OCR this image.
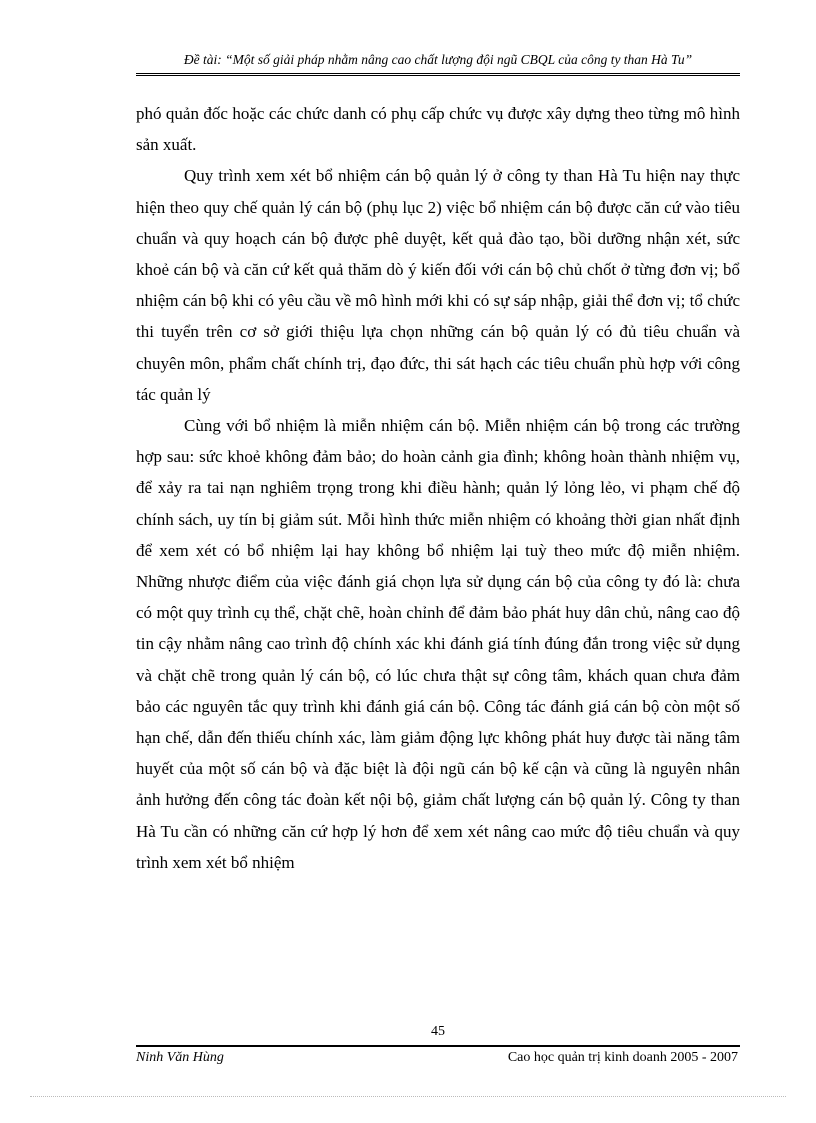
Đề tài: “Một số giải pháp nhằm nâng cao chất lượng đội ngũ CBQL của công ty than Hà Tu”

phó quản đốc hoặc các chức danh có phụ cấp chức vụ được xây dựng theo từng mô hình sản xuất.

Quy trình xem xét bổ nhiệm cán bộ quản lý ở công ty than Hà Tu hiện nay thực hiện theo quy chế quản lý cán bộ (phụ lục 2) việc bổ nhiệm cán bộ được căn cứ vào tiêu chuẩn và quy hoạch cán bộ được phê duyệt, kết quả đào tạo, bồi dưỡng nhận xét, sức khoẻ cán bộ và căn cứ kết quả thăm dò ý kiến đối với cán bộ chủ chốt ở từng đơn vị; bổ nhiệm cán bộ khi có yêu cầu về mô hình mới khi có sự sáp nhập, giải thể đơn vị; tổ chức thi tuyển trên cơ sở giới thiệu lựa chọn những cán bộ quản lý có đủ tiêu chuẩn và chuyên môn, phẩm chất chính trị, đạo đức, thi sát hạch các tiêu chuẩn phù hợp với công tác quản lý

Cùng với bổ nhiệm là miễn nhiệm cán bộ. Miễn nhiệm cán bộ trong các trường hợp sau: sức khoẻ không đảm bảo; do hoàn cảnh gia đình; không hoàn thành nhiệm vụ, để xảy ra tai nạn nghiêm trọng trong khi điều hành; quản lý lỏng lẻo, vi phạm chế độ chính sách, uy tín bị giảm sút. Mỗi hình thức miễn nhiệm có khoảng thời gian nhất định để xem xét có bổ nhiệm lại hay không bổ nhiệm lại tuỳ theo mức độ miễn nhiệm. Những nhược điểm của việc đánh giá chọn lựa sử dụng cán bộ của công ty đó là: chưa có một quy trình cụ thể, chặt chẽ, hoàn chỉnh để đảm bảo phát huy dân chủ, nâng cao độ tin cậy nhằm nâng cao trình độ chính xác khi đánh giá tính đúng đắn trong việc sử dụng và chặt chẽ trong quản lý cán bộ, có lúc chưa thật sự công tâm, khách quan chưa đảm bảo các nguyên tắc quy trình khi đánh giá cán bộ. Công tác đánh giá cán bộ còn một số hạn chế, dẫn đến thiếu chính xác, làm giảm động lực không phát huy được tài năng tâm huyết của một số cán bộ và đặc biệt là đội ngũ cán bộ kế cận và cũng là nguyên nhân ảnh hưởng đến công tác đoàn kết nội bộ, giảm chất lượng cán bộ quản lý. Công ty than Hà Tu cần có những căn cứ hợp lý hơn để xem xét nâng cao mức độ tiêu chuẩn và quy trình xem xét bổ nhiệm

45
Ninh Văn Hùng	Cao học quản trị kinh doanh 2005 - 2007
